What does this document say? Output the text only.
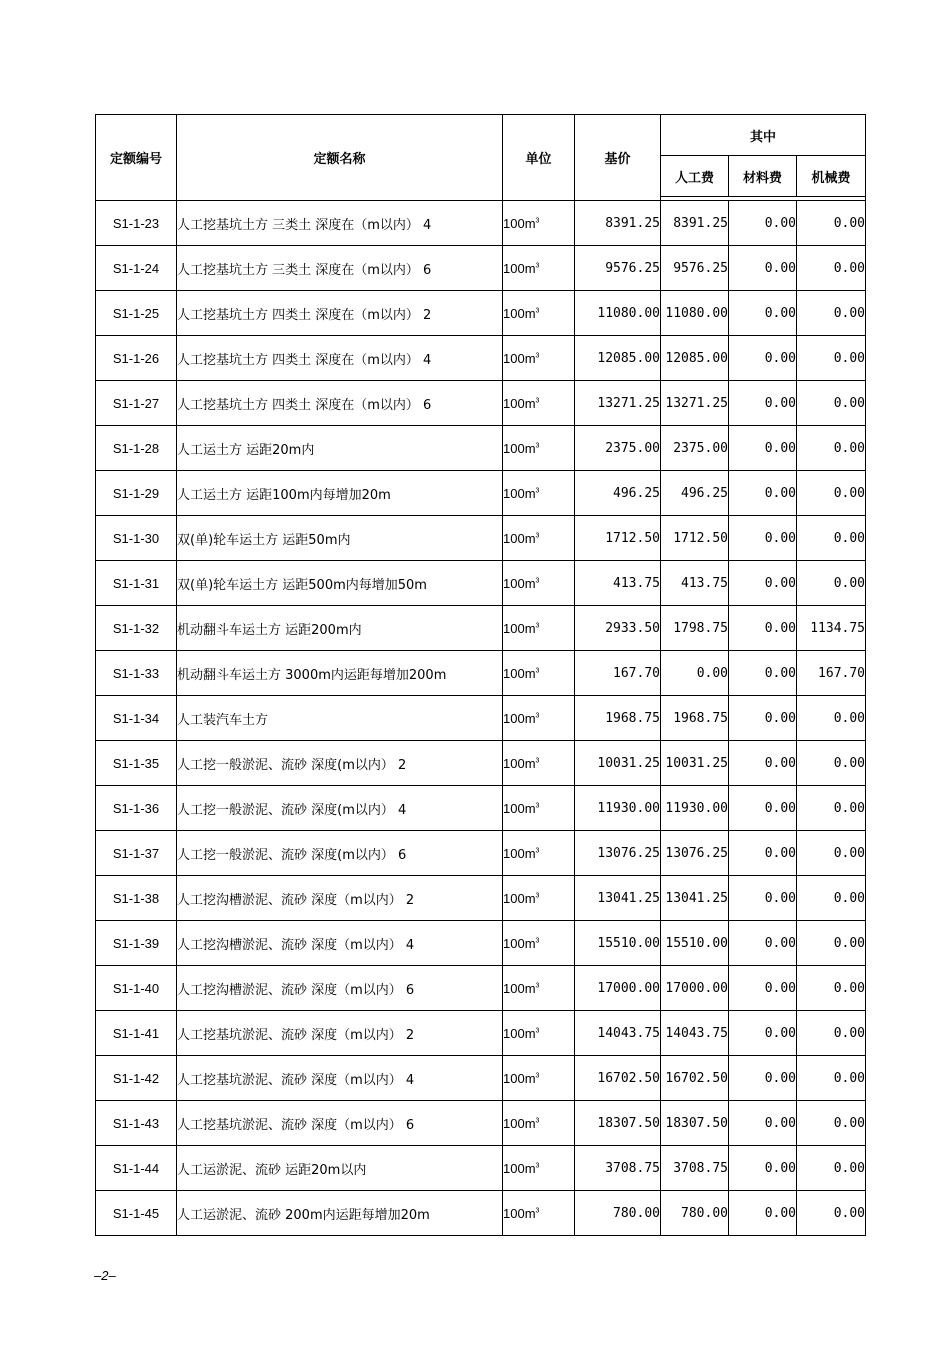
定额编号	定额名称	单位	基价	其中		
				人工费	材料费	机械费

S1-1-23	人工挖基坑土方 三类土 深度在（m以内） 4	$100m^3$	8391.25	8391.25	0.00	0.00
S1-1-24	人工挖基坑土方 三类土 深度在（m以内） 6	$100m^3$	9576.25	9576.25	0.00	0.00
S1-1-25	人工挖基坑土方 四类土 深度在（m以内） 2	$100m^3$	11080.00	11080.00	0.00	0.00
S1-1-26	人工挖基坑土方 四类土 深度在（m以内） 4	$100m^3$	12085.00	12085.00	0.00	0.00
S1-1-27	人工挖基坑土方 四类土 深度在（m以内） 6	$100m^3$	13271.25	13271.25	0.00	0.00
S1-1-28	人工运土方 运距20m内	$100m^3$	2375.00	2375.00	0.00	0.00
S1-1-29	人工运土方 运距100m内每增加20m	$100m^3$	496.25	496.25	0.00	0.00
S1-1-30	双(单)轮车运土方 运距50m内	$100m^3$	1712.50	1712.50	0.00	0.00
S1-1-31	双(单)轮车运土方 运距500m内每增加50m	$100m^3$	413.75	413.75	0.00	0.00
S1-1-32	机动翻斗车运土方 运距200m内	$100m^3$	2933.50	1798.75	0.00	1134.75
S1-1-33	机动翻斗车运土方 3000m内运距每增加200m	$100m^3$	167.70	0.00	0.00	167.70
S1-1-34	人工装汽车土方	$100m^3$	1968.75	1968.75	0.00	0.00
S1-1-35	人工挖一般淤泥、流砂 深度(m以内） 2	$100m^3$	10031.25	10031.25	0.00	0.00
S1-1-36	人工挖一般淤泥、流砂 深度(m以内） 4	$100m^3$	11930.00	11930.00	0.00	0.00
S1-1-37	人工挖一般淤泥、流砂 深度(m以内） 6	$100m^3$	13076.25	13076.25	0.00	0.00
S1-1-38	人工挖沟槽淤泥、流砂 深度（m以内） 2	$100m^3$	13041.25	13041.25	0.00	0.00
S1-1-39	人工挖沟槽淤泥、流砂 深度（m以内） 4	$100m^3$	15510.00	15510.00	0.00	0.00
S1-1-40	人工挖沟槽淤泥、流砂 深度（m以内） 6	$100m^3$	17000.00	17000.00	0.00	0.00
S1-1-41	人工挖基坑淤泥、流砂 深度（m以内） 2	$100m^3$	14043.75	14043.75	0.00	0.00
S1-1-42	人工挖基坑淤泥、流砂 深度（m以内） 4	$100m^3$	16702.50	16702.50	0.00	0.00
S1-1-43	人工挖基坑淤泥、流砂 深度（m以内） 6	$100m^3$	18307.50	18307.50	0.00	0.00
S1-1-44	人工运淤泥、流砂 运距20m以内	$100m^3$	3708.75	3708.75	0.00	0.00
S1-1-45	人工运淤泥、流砂 200m内运距每增加20m	$100m^3$	780.00	780.00	0.00	0.00
–2–
